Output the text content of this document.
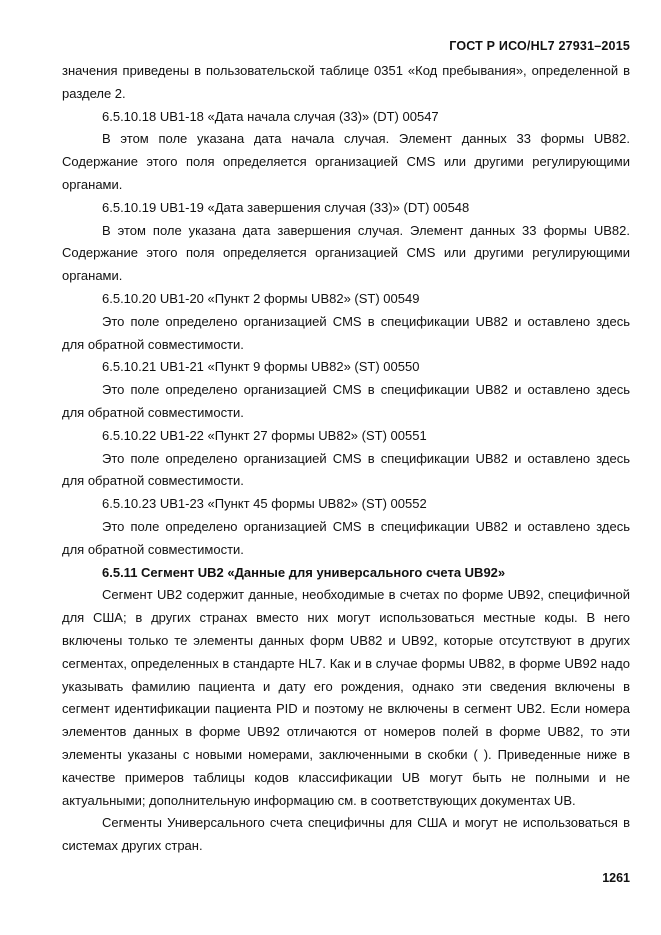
ГОСТ Р ИСО/HL7 27931–2015

значения приведены в пользовательской таблице 0351 «Код пребывания», определенной в разделе 2.

6.5.10.18 UB1-18 «Дата начала случая (33)» (DT) 00547

В этом поле указана дата начала случая. Элемент данных 33 формы UB82. Содержание этого поля определяется организацией CMS или другими регулирующими органами.

6.5.10.19 UB1-19 «Дата завершения случая (33)» (DT) 00548

В этом поле указана дата завершения случая. Элемент данных 33 формы UB82. Содержание этого поля определяется организацией CMS или другими регулирующими органами.

6.5.10.20 UB1-20 «Пункт 2 формы UB82» (ST) 00549

Это поле определено организацией CMS в спецификации UB82 и оставлено здесь для обратной совместимости.

6.5.10.21 UB1-21 «Пункт 9 формы UB82» (ST) 00550

Это поле определено организацией CMS в спецификации UB82 и оставлено здесь для обратной совместимости.

6.5.10.22 UB1-22 «Пункт 27 формы UB82» (ST) 00551

Это поле определено организацией CMS в спецификации UB82 и оставлено здесь для обратной совместимости.

6.5.10.23 UB1-23 «Пункт 45 формы UB82» (ST) 00552

Это поле определено организацией CMS в спецификации UB82 и оставлено здесь для обратной совместимости.

6.5.11 Сегмент UB2 «Данные для универсального счета UB92»

Сегмент UB2 содержит данные, необходимые в счетах по форме UB92, специфичной для США; в других странах вместо них могут использоваться местные коды. В него включены только те элементы данных форм UB82 и UB92, которые отсутствуют в других сегментах, определенных в стандарте HL7. Как и в случае формы UB82, в форме UB92 надо указывать фамилию пациента и дату его рождения, однако эти сведения включены в сегмент идентификации пациента PID и поэтому не включены в сегмент UB2. Если номера элементов данных в форме UB92 отличаются от номеров полей в форме UB82, то эти элементы указаны с новыми номерами, заключенными в скобки ( ). Приведенные ниже в качестве примеров таблицы кодов классификации UB могут быть не полными и не актуальными; дополнительную информацию см. в соответствующих документах UB.

Сегменты Универсального счета специфичны для США и могут не использоваться в системах других стран.

1261
